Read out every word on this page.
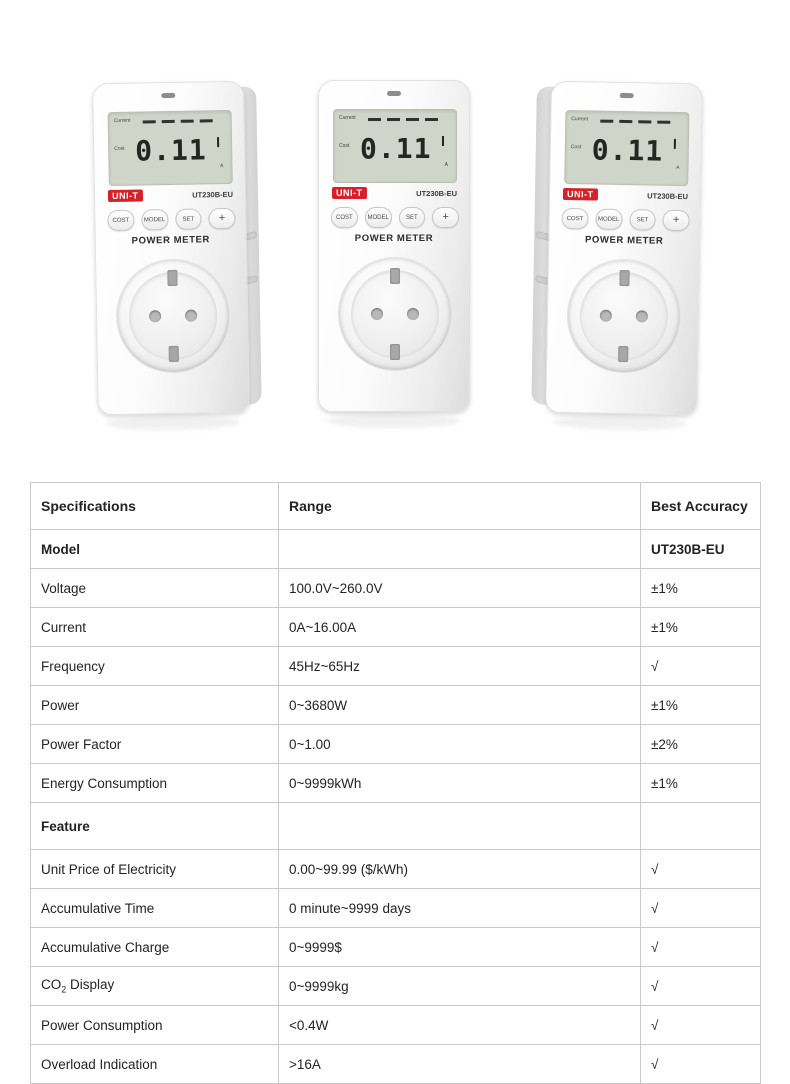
Current
Cost 0.11	A
UNI-T	UT230B-EU
COST	MODEL	SET	+
POWER METER
Current
Cost 0.11	A
UNI-T	UT230B-EU
COST	MODEL	SET	+
POWER METER
Current
Cost 0.11
A
UNI-T	UT230B-EU
COST	MODEL	SET	+
POWER METER
Specifications	Range	Best Accuracy
Model		UT230B-EU
Voltage	100.0V~260.0V	±1%
Current	0A~16.00A	±1%
Frequency	45Hz~65Hz	√
Power	0~3680W	±1%
Power Factor	0~1.00	±2%
Energy Consumption	0~9999kWh	±1%
Feature		
Unit Price of Electricity	0.00~99.99 ($/kWh)	√
Accumulative Time	0 minute~9999 days	√
Accumulative Charge	0~9999$	√
$CO_2$ Display	0~9999kg	√
Power Consumption	<0.4W	√
Overload Indication	>16A	√
